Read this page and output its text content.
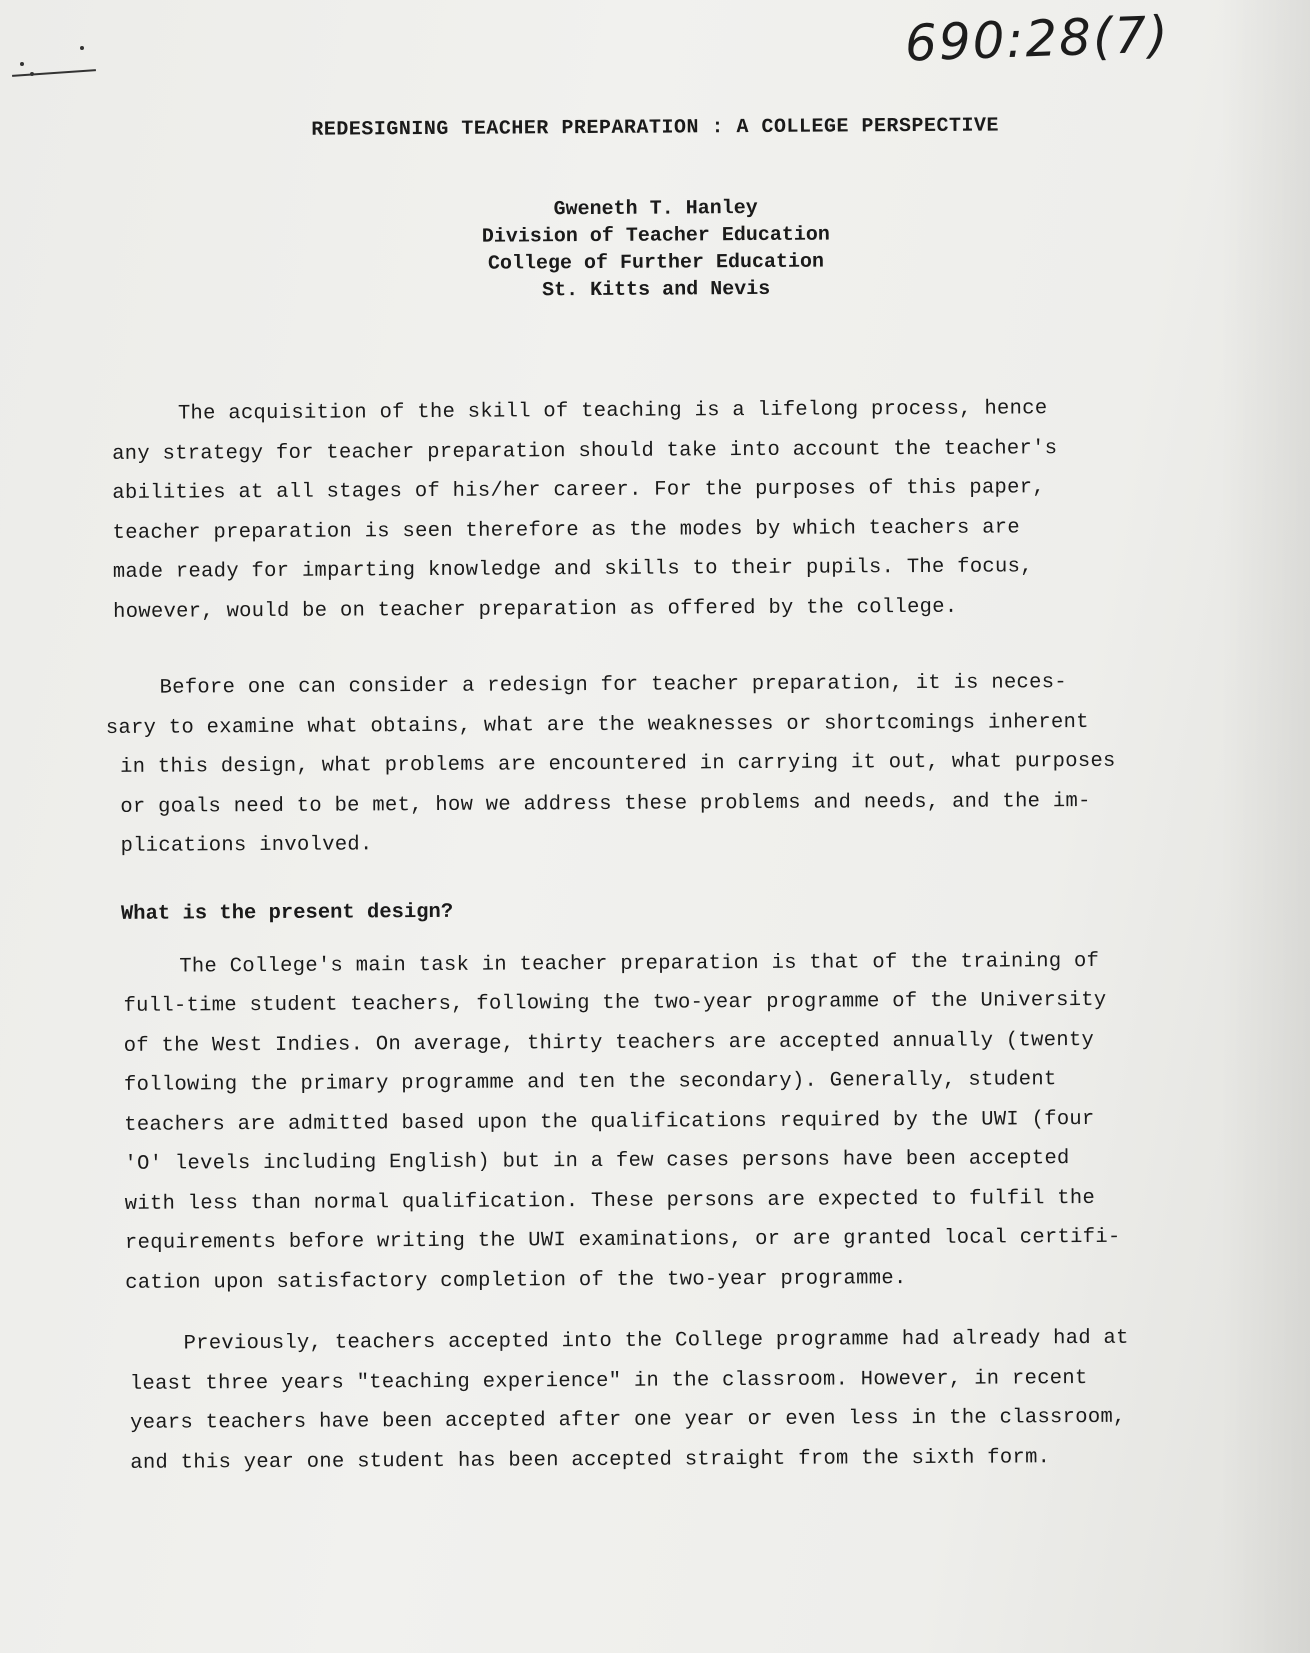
690:28(7)

REDESIGNING TEACHER PREPARATION : A COLLEGE PERSPECTIVE
Gweneth T. Hanley
Division of Teacher Education
College of Further Education
St. Kitts and Nevis

The acquisition of the skill of teaching is a lifelong process, hence
any strategy for teacher preparation should take into account the teacher's
abilities at all stages of his/her career. For the purposes of this paper,
teacher preparation is seen therefore as the modes by which teachers are
made ready for imparting knowledge and skills to their pupils. The focus,
however, would be on teacher preparation as offered by the college.

Before one can consider a redesign for teacher preparation, it is neces-
sary to examine what obtains, what are the weaknesses or shortcomings inherent
in this design, what problems are encountered in carrying it out, what purposes
or goals need to be met, how we address these problems and needs, and the im-
plications involved.

What is the present design?

The College's main task in teacher preparation is that of the training of
full-time student teachers, following the two-year programme of the University
of the West Indies. On average, thirty teachers are accepted annually (twenty
following the primary programme and ten the secondary). Generally, student
teachers are admitted based upon the qualifications required by the UWI (four
'O' levels including English) but in a few cases persons have been accepted
with less than normal qualification. These persons are expected to fulfil the
requirements before writing the UWI examinations, or are granted local certifi-
cation upon satisfactory completion of the two-year programme.

Previously, teachers accepted into the College programme had already had at
least three years "teaching experience" in the classroom. However, in recent
years teachers have been accepted after one year or even less in the classroom,
and this year one student has been accepted straight from the sixth form.
